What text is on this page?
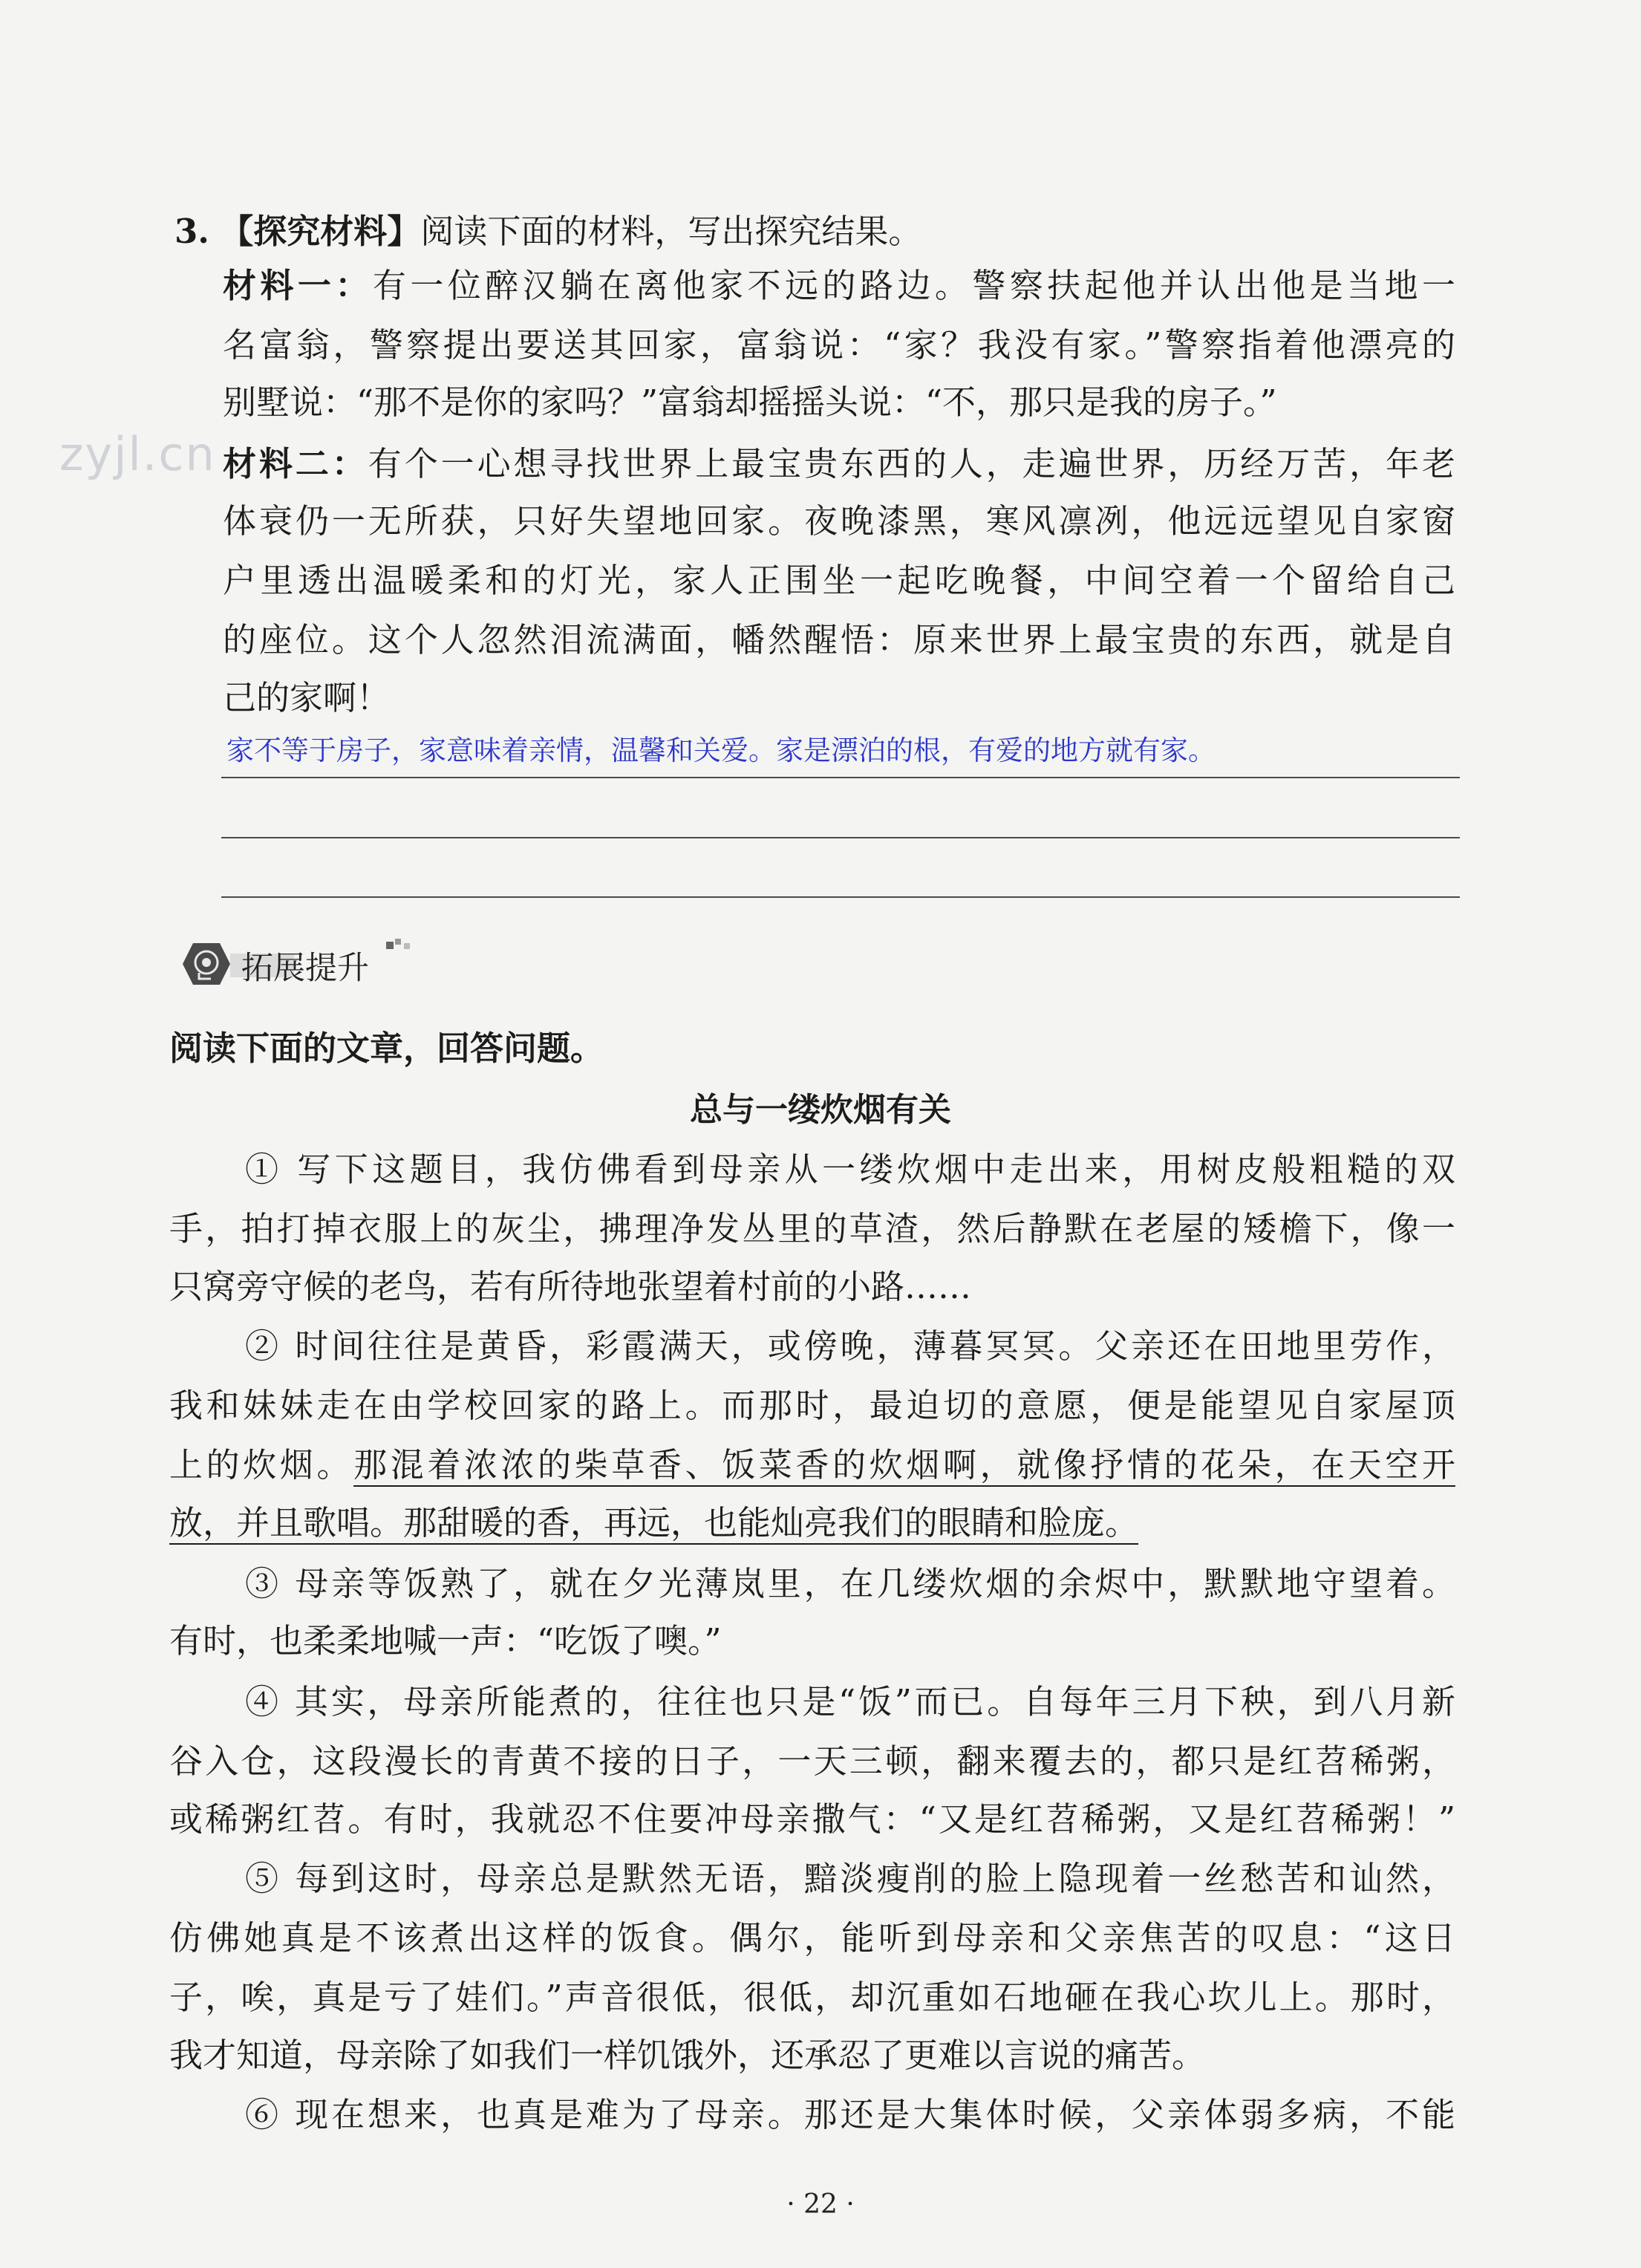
zyjl.cn
3. 【探究材料】阅读下面的材料，写出探究结果。
材料一：有一位醉汉躺在离他家不远的路边。警察扶起他并认出他是当地一
名富翁，警察提出要送其回家，富翁说：“家？我没有家。”警察指着他漂亮的
别墅说：“那不是你的家吗？”富翁却摇摇头说：“不，那只是我的房子。”
材料二：有个一心想寻找世界上最宝贵东西的人，走遍世界，历经万苦，年老
体衰仍一无所获，只好失望地回家。夜晚漆黑，寒风凛冽，他远远望见自家窗
户里透出温暖柔和的灯光，家人正围坐一起吃晚餐，中间空着一个留给自己
的座位。这个人忽然泪流满面，幡然醒悟：原来世界上最宝贵的东西，就是自
己的家啊！
家不等于房子，家意味着亲情，温馨和关爱。家是漂泊的根，有爱的地方就有家。
拓展提升
阅读下面的文章，回答问题。
总与一缕炊烟有关
① 写下这题目，我仿佛看到母亲从一缕炊烟中走出来，用树皮般粗糙的双
手，拍打掉衣服上的灰尘，拂理净发丛里的草渣，然后静默在老屋的矮檐下，像一
只窝旁守候的老鸟，若有所待地张望着村前的小路……
② 时间往往是黄昏，彩霞满天，或傍晚，薄暮冥冥。父亲还在田地里劳作，
我和妹妹走在由学校回家的路上。而那时，最迫切的意愿，便是能望见自家屋顶
上的炊烟。那混着浓浓的柴草香、饭菜香的炊烟啊，就像抒情的花朵，在天空开
放，并且歌唱。那甜暖的香，再远，也能灿亮我们的眼睛和脸庞。
③ 母亲等饭熟了，就在夕光薄岚里，在几缕炊烟的余烬中，默默地守望着。
有时，也柔柔地喊一声：“吃饭了噢。”
④ 其实，母亲所能煮的，往往也只是“饭”而已。自每年三月下秧，到八月新
谷入仓，这段漫长的青黄不接的日子，一天三顿，翻来覆去的，都只是红苕稀粥，
或稀粥红苕。有时，我就忍不住要冲母亲撒气：“又是红苕稀粥，又是红苕稀粥！”
⑤ 每到这时，母亲总是默然无语，黯淡瘦削的脸上隐现着一丝愁苦和讪然，
仿佛她真是不该煮出这样的饭食。偶尔，能听到母亲和父亲焦苦的叹息：“这日
子，唉，真是亏了娃们。”声音很低，很低，却沉重如石地砸在我心坎儿上。那时，
我才知道，母亲除了如我们一样饥饿外，还承忍了更难以言说的痛苦。
⑥ 现在想来，也真是难为了母亲。那还是大集体时候，父亲体弱多病，不能
· 22 ·
